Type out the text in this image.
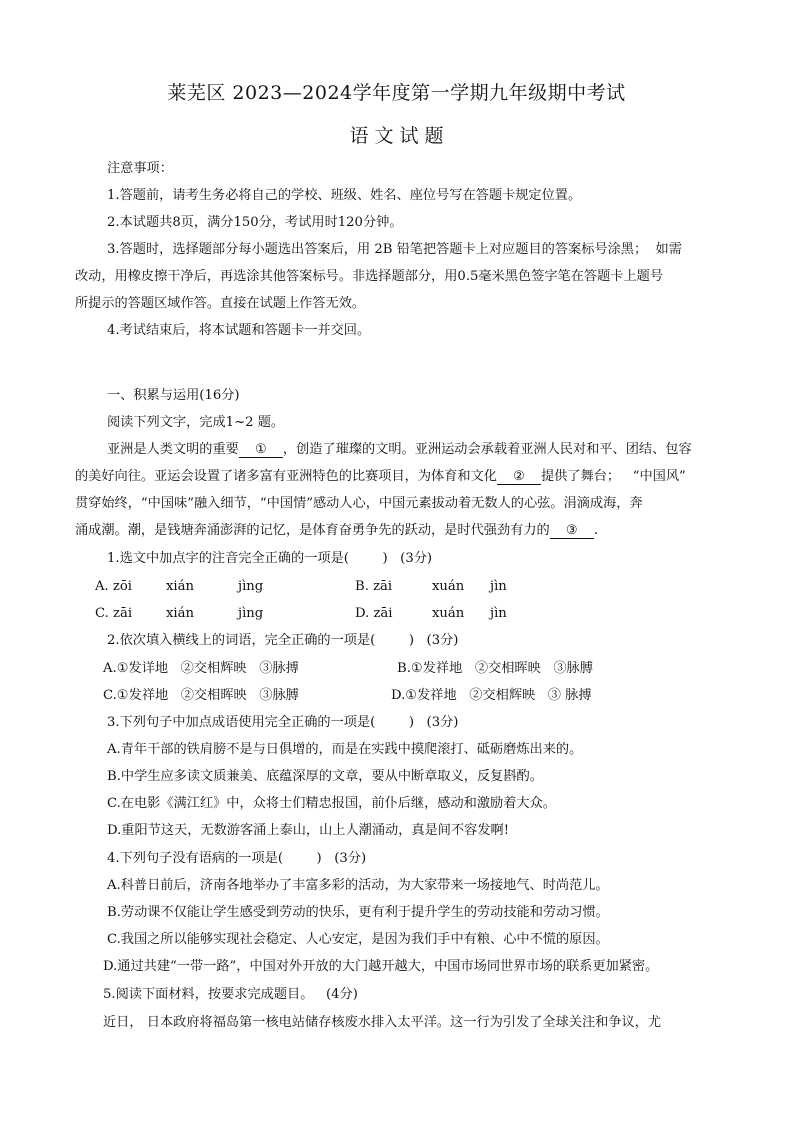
莱芜区 2023—2024学年度第一学期九年级期中考试
语 文 试 题
注意事项：
1.答题前，请考生务必将自己的学校、班级、姓名、座位号写在答题卡规定位置。
2.本试题共8页，满分150分，考试用时120分钟。
3.答题时，选择题部分每小题选出答案后，用 2B 铅笔把答题卡上对应题目的答案标号涂黑；  如需
改动，用橡皮擦干净后，再选涂其他答案标号。非选择题部分，用0.5毫米黑色签字笔在答题卡上题号
所提示的答题区域作答。直接在试题上作答无效。
4.考试结束后，将本试题和答题卡一并交回。
一、积累与运用(16分)
阅读下列文字，完成1~2 题。
亚洲是人类文明的重要 ① ，创造了璀璨的文明。亚洲运动会承载着亚洲人民对和平、团结、包容
的美好向往。亚运会设置了诸多富有亚洲特色的比赛项目，为体育和文化 ② 提供了舞台；   “中国风”
贯穿始终，“中国味”融入细节，“中国情”感动人心，中国元素拔动着无数人的心弦。涓滴成海，奔
涌成潮。潮，是钱塘奔涌澎湃的记忆，是体育奋勇争先的跃动，是时代强劲有力的 ③ .
1.选文中加点字的注音完全正确的一项是(        )   (3分)
A. zōi	xián	jìng	B. zāi	xuán jìn
C. zāi	xián	jìng	D. zāi	xuán jìn
2.依次填入横线上的词语，完全正确的一项是(        )   (3分)
A.①发详地   ②交相辉映   ③脉搏	B.①发祥地   ②交相晖映   ③脉膊
C.①发祥地   ②交相晖映   ③脉膊	D.①发祥地   ②交相辉映   ③ 脉搏
3.下列句子中加点成语使用完全正确的一项是(        )   (3分)
A.青年干部的铁肩膀不是与日俱增的，而是在实践中摸爬滚打、砥砺磨炼出来的。
B.中学生应多读文质兼美、底蕴深厚的文章，要从中断章取义，反复斟酌。
C.在电影《满江红》中，众将士们精忠报国，前仆后继，感动和激励着大众。
D.重阳节这天，无数游客涌上泰山，山上人潮涌动，真是间不容发啊!
4.下列句子没有语病的一项是(        )   (3分)
A.科普日前后，济南各地举办了丰富多彩的活动，为大家带来一场接地气、时尚范儿。
B.劳动课不仅能让学生感受到劳动的快乐，更有利于提升学生的劳动技能和劳动习惯。
C.我国之所以能够实现社会稳定、人心安定，是因为我们手中有粮、心中不慌的原因。
D.通过共建“一带一路”，中国对外开放的大门越开越大，中国市场同世界市场的联系更加紧密。
5.阅读下面材料，按要求完成题目。   (4分)
近日， 日本政府将福岛第一核电站储存核废水排入太平洋。这一行为引发了全球关注和争议，尤
